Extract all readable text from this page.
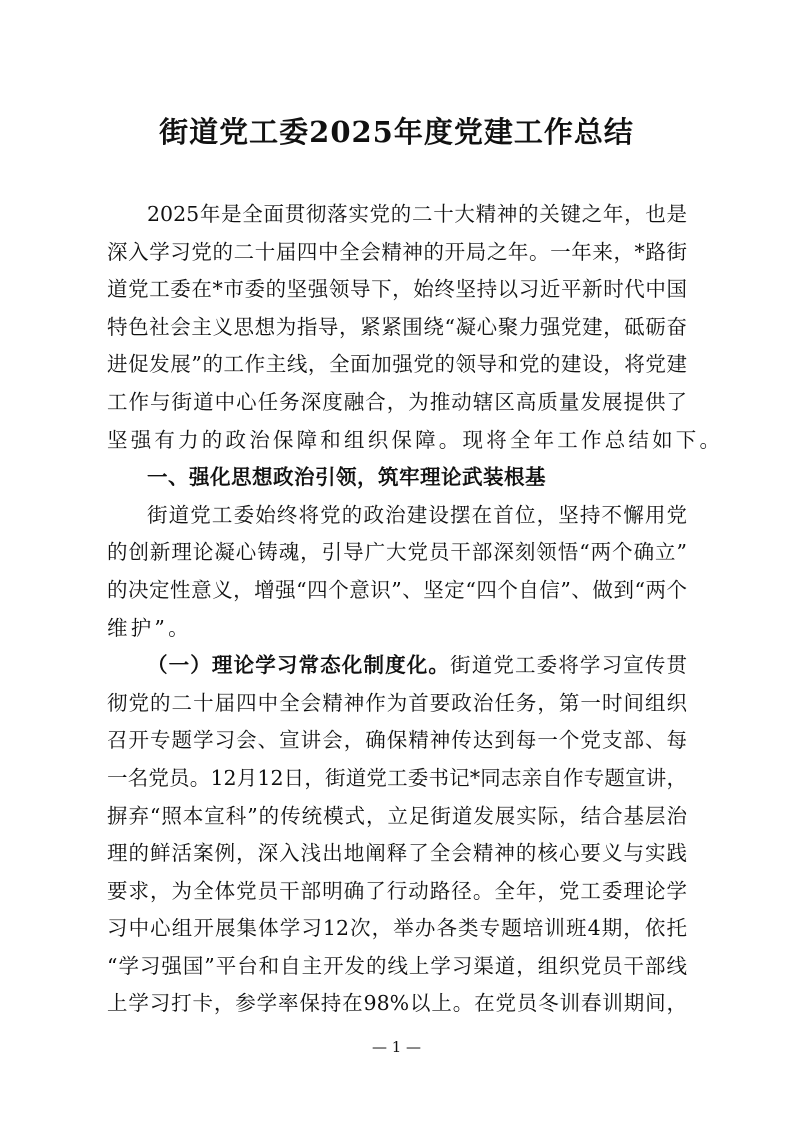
街道党工委2025年度党建工作总结
2025年是全面贯彻落实党的二十大精神的关键之年，也是
深入学习党的二十届四中全会精神的开局之年。一年来，*路街
道党工委在*市委的坚强领导下，始终坚持以习近平新时代中国
特色社会主义思想为指导，紧紧围绕“凝心聚力强党建，砥砺奋
进促发展”的工作主线，全面加强党的领导和党的建设，将党建
工作与街道中心任务深度融合，为推动辖区高质量发展提供了
坚强有力的政治保障和组织保障。现将全年工作总结如下。
一、强化思想政治引领，筑牢理论武装根基
街道党工委始终将党的政治建设摆在首位，坚持不懈用党
的创新理论凝心铸魂，引导广大党员干部深刻领悟“两个确立”
的决定性意义，增强“四个意识”、坚定“四个自信”、做到“两个
维护”。
（一）理论学习常态化制度化。街道党工委将学习宣传贯
彻党的二十届四中全会精神作为首要政治任务，第一时间组织
召开专题学习会、宣讲会，确保精神传达到每一个党支部、每
一名党员。12月12日，街道党工委书记*同志亲自作专题宣讲，
摒弃“照本宣科”的传统模式，立足街道发展实际，结合基层治
理的鲜活案例，深入浅出地阐释了全会精神的核心要义与实践
要求，为全体党员干部明确了行动路径。全年，党工委理论学
习中心组开展集体学习12次，举办各类专题培训班4期，依托
“学习强国”平台和自主开发的线上学习渠道，组织党员干部线
上学习打卡，参学率保持在98%以上。在党员冬训春训期间，
— 1 —
